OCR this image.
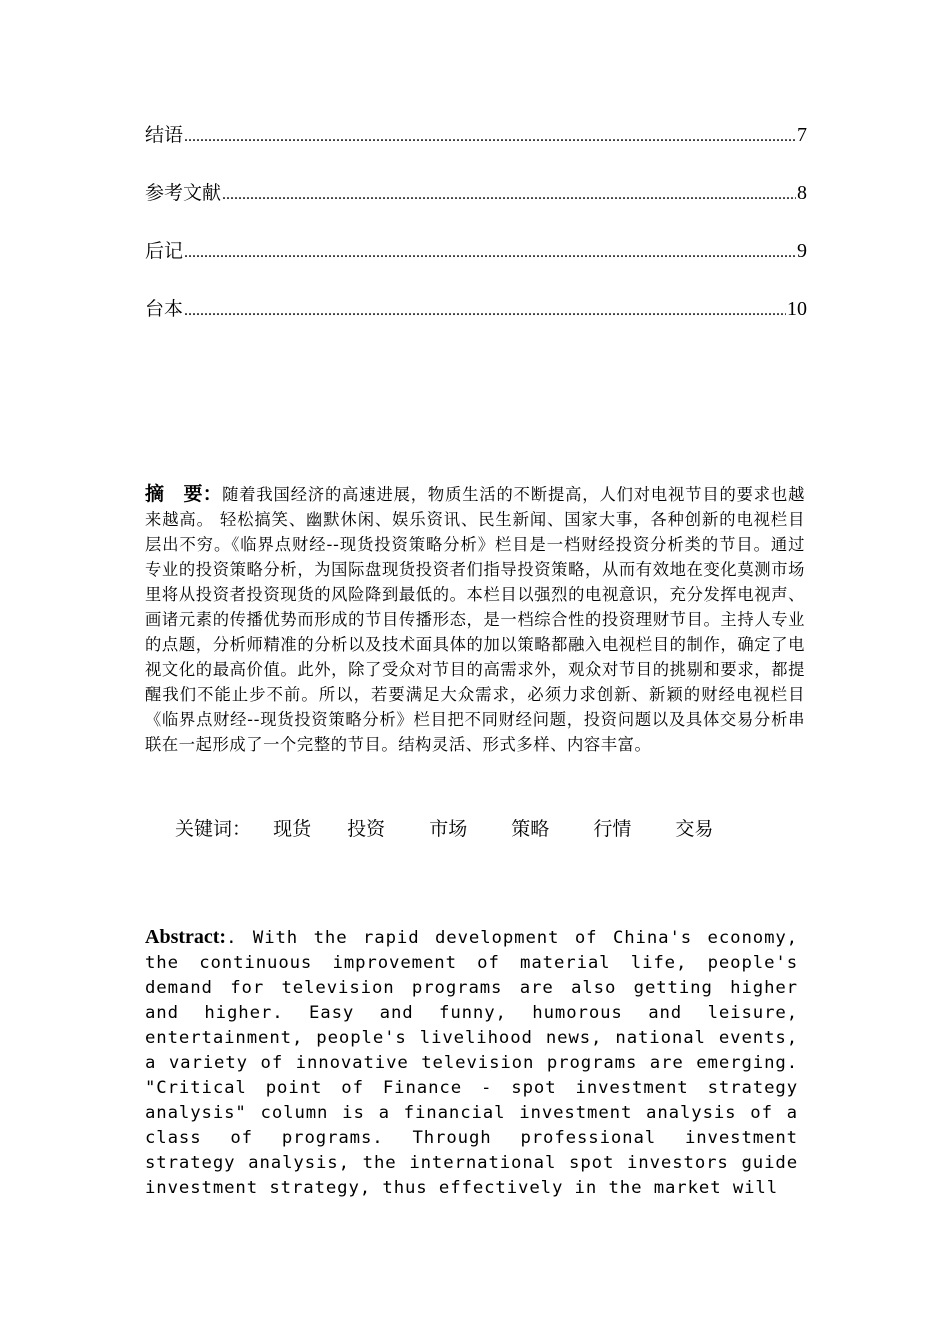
结语 .....	7
参考文献 .....	8
后记 .....	9
台本 .....	10
摘　要：随着我国经济的高速进展，物质生活的不断提高，人们对电视节目的要求也越来越高。 轻松搞笑、幽默休闲、娱乐资讯、民生新闻、国家大事，各种创新的电视栏目层出不穷。《临界点财经--现货投资策略分析》栏目是一档财经投资分析类的节目。通过专业的投资策略分析，为国际盘现货投资者们指导投资策略，从而有效地在变化莫测市场里将从投资者投资现货的风险降到最低的。本栏目以强烈的电视意识，充分发挥电视声、画诸元素的传播优势而形成的节目传播形态，是一档综合性的投资理财节目。主持人专业的点题，分析师精准的分析以及技术面具体的加以策略都融入电视栏目的制作，确定了电视文化的最高价值。此外，除了受众对节目的高需求外，观众对节目的挑剔和要求，都提醒我们不能止步不前。所以，若要满足大众需求，必须力求创新、新颖的财经电视栏目《临界点财经--现货投资策略分析》栏目把不同财经问题，投资问题以及具体交易分析串联在一起形成了一个完整的节目。结构灵活、形式多样、内容丰富。
关键词： 现货 投资 市场 策略 行情 交易
Abstract:. With the rapid development of China's economy, the continuous improvement of material life, people's demand for television programs are also getting higher and higher. Easy and funny, humorous and leisure, entertainment, people's livelihood news, national events, a variety of innovative television programs are emerging. "Critical point of Finance - spot investment strategy analysis" column is a financial investment analysis of a class of programs. Through professional investment strategy analysis, the international spot investors guide investment strategy, thus effectively in the market will
